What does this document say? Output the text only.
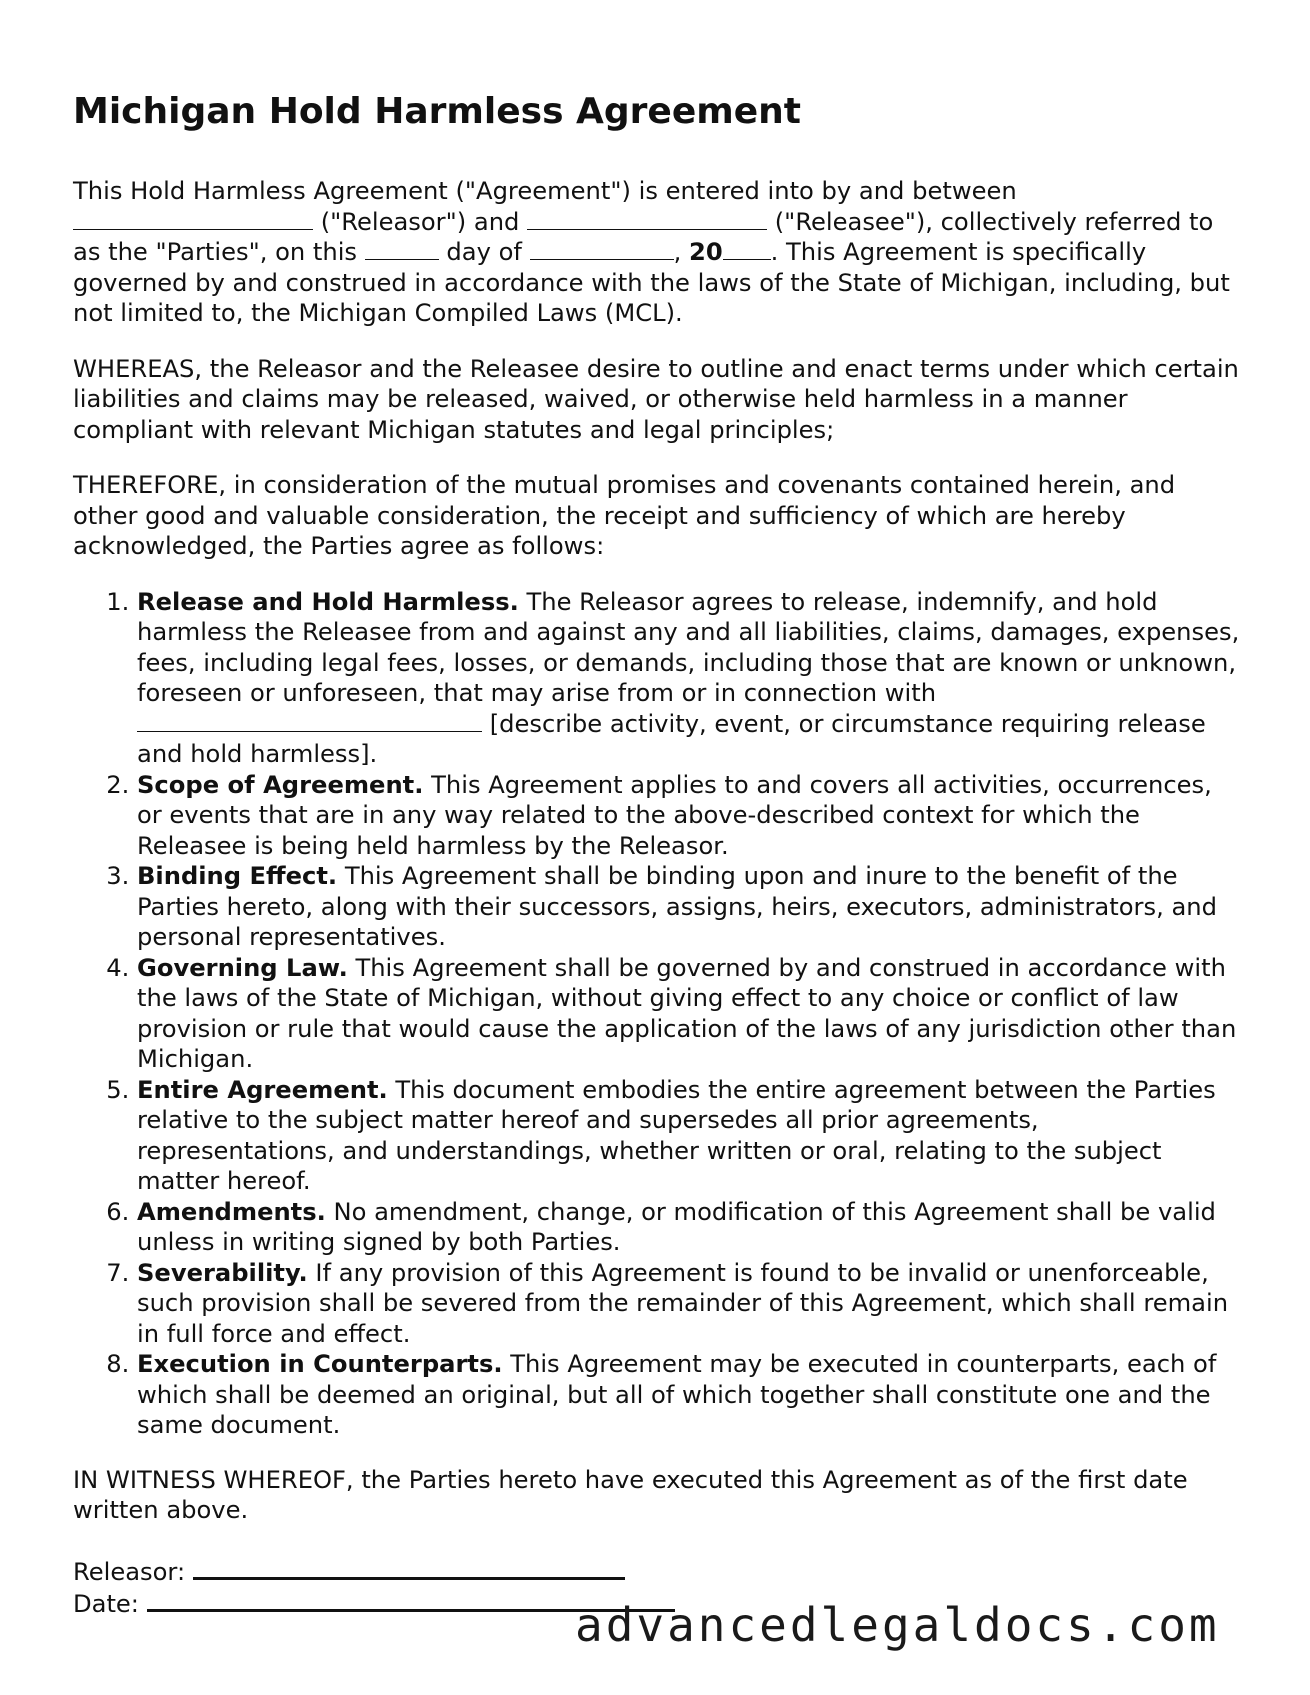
Michigan Hold Harmless Agreement

This Hold Harmless Agreement ("Agreement") is entered into by and between
("Releasor") and	("Releasee"), collectively referred to as the "Parties", on this	day of	, 20 . This Agreement is specifically governed by and construed in accordance with the laws of the State of Michigan, including, but not limited to, the Michigan Compiled Laws (MCL).

WHEREAS, the Releasor and the Releasee desire to outline and enact terms under which certain liabilities and claims may be released, waived, or otherwise held harmless in a manner compliant with relevant Michigan statutes and legal principles;

THEREFORE, in consideration of the mutual promises and covenants contained herein, and other good and valuable consideration, the receipt and sufficiency of which are hereby acknowledged, the Parties agree as follows:

1. Release and Hold Harmless. The Releasor agrees to release, indemnify, and hold harmless the Releasee from and against any and all liabilities, claims, damages, expenses, fees, including legal fees, losses, or demands, including those that are known or unknown, foreseen or unforeseen, that may arise from or in connection with  [describe activity, event, or circumstance requiring release and hold harmless].
2. Scope of Agreement. This Agreement applies to and covers all activities, occurrences, or events that are in any way related to the above-described context for which the Releasee is being held harmless by the Releasor.
3. Binding Effect. This Agreement shall be binding upon and inure to the benefit of the Parties hereto, along with their successors, assigns, heirs, executors, administrators, and personal representatives.
4. Governing Law. This Agreement shall be governed by and construed in accordance with the laws of the State of Michigan, without giving effect to any choice or conflict of law provision or rule that would cause the application of the laws of any jurisdiction other than Michigan.
5. Entire Agreement. This document embodies the entire agreement between the Parties relative to the subject matter hereof and supersedes all prior agreements, representations, and understandings, whether written or oral, relating to the subject matter hereof.
6. Amendments. No amendment, change, or modification of this Agreement shall be valid unless in writing signed by both Parties.
7. Severability. If any provision of this Agreement is found to be invalid or unenforceable, such provision shall be severed from the remainder of this Agreement, which shall remain in full force and effect.
8. Execution in Counterparts. This Agreement may be executed in counterparts, each of which shall be deemed an original, but all of which together shall constitute one and the same document.

IN WITNESS WHEREOF, the Parties hereto have executed this Agreement as of the first date written above.

Releasor:
Date:	advancedlegaldocs.com
